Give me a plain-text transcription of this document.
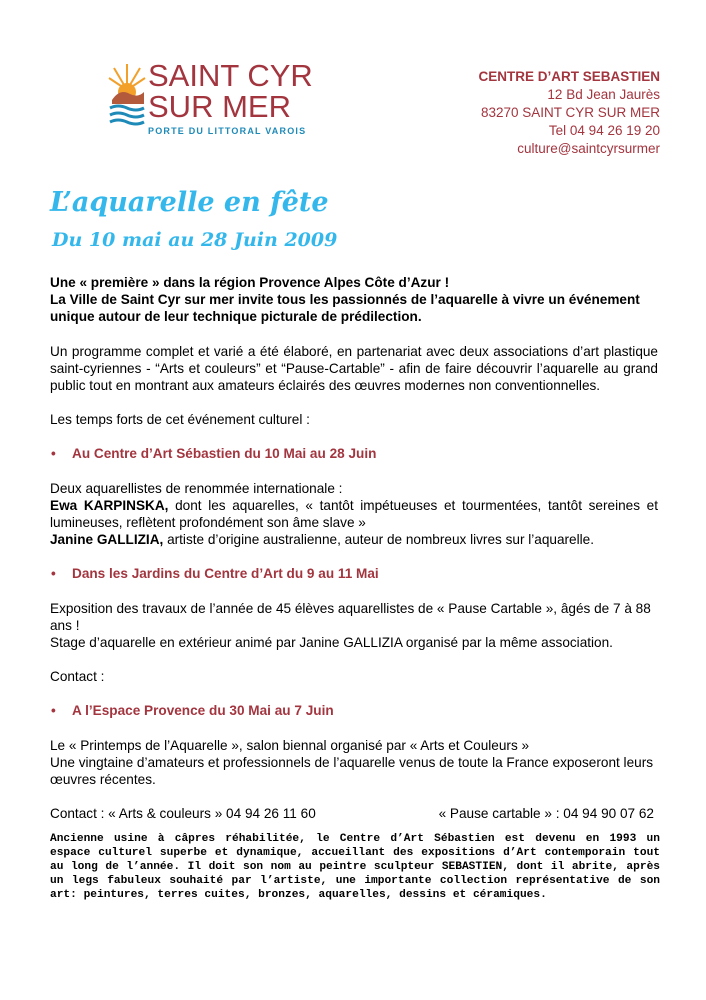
SAINT CYR
SUR MER
PORTE DU LITTORAL VAROIS
CENTRE D’ART SEBASTIEN
12 Bd Jean Jaurès
83270 SAINT CYR SUR MER
Tel 04 94 26 19 20
culture@saintcyrsurmer
L’aquarelle en fête
Du 10 mai au 28 Juin 2009

Une « première » dans la région Provence Alpes Côte d’Azur !
La Ville de Saint Cyr sur mer invite tous les passionnés de l’aquarelle à vivre un événement unique autour de leur technique picturale de prédilection.

Un programme complet et varié a été élaboré, en partenariat avec deux associations d’art plastique saint-cyriennes - “Arts et couleurs” et “Pause-Cartable” - afin de faire découvrir l’aquarelle au grand public tout en montrant aux amateurs éclairés des œuvres modernes non conventionnelles.

Les temps forts de cet événement culturel :

• Au Centre d’Art Sébastien du 10 Mai au 28 Juin

Deux aquarellistes de renommée internationale :

Ewa KARPINSKA, dont les aquarelles, « tantôt impétueuses et tourmentées, tantôt sereines et lumineuses, reflètent profondément son âme slave »

Janine GALLIZIA, artiste d’origine australienne, auteur de nombreux livres sur l’aquarelle.

• Dans les Jardins du Centre d’Art du 9 au 11 Mai

Exposition des travaux de l’année de 45 élèves aquarellistes de « Pause Cartable », âgés de 7 à 88 ans !

Stage d’aquarelle en extérieur animé par Janine GALLIZIA organisé par la même association.

Contact :

• A l’Espace Provence du 30 Mai au 7 Juin

Le « Printemps de l’Aquarelle », salon biennal organisé par « Arts et Couleurs »

Une vingtaine d’amateurs et professionnels de l’aquarelle venus de toute la France exposeront leurs œuvres récentes.

Contact : « Arts & couleurs » 04 94 26 11 60	« Pause cartable » : 04 94 90 07 62
Ancienne usine à câpres réhabilitée, le Centre d’Art Sébastien est devenu en 1993 un espace culturel superbe et dynamique, accueillant des expositions d’Art contemporain tout au long de l’année. Il doit son nom au peintre sculpteur SEBASTIEN, dont il abrite, après un legs fabuleux souhaité par l’artiste, une importante collection représentative de son art: peintures, terres cuites, bronzes, aquarelles, dessins et céramiques.
